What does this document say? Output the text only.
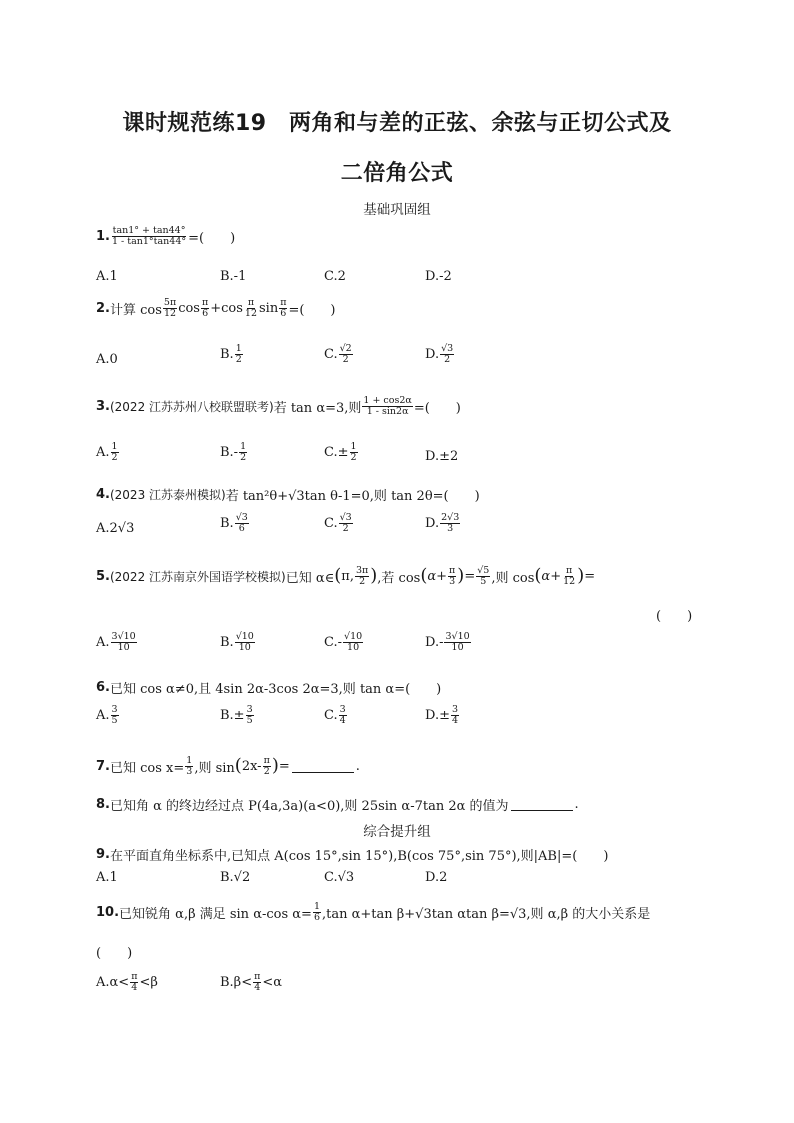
课时规范练19　两角和与差的正弦、余弦与正切公式及
二倍角公式
基础巩固组
1. $\frac{\tan 1^\circ + \tan 44^\circ}{1 - \tan 1^\circ\tan 44^\circ}$ =(　　)
A.1	B.-1	C.2	D.-2
2. 计算 $\cos \frac{5\pi}{12}$ $\cos \frac{\pi}{6} +\cos \frac{\pi}{12}$ $\sin \frac{\pi}{6}$ =(　　)
A.0	B. $\frac{1}{2}$	C. $\frac{√2}{2}$	D. $\frac{√3}{2}$
3. (2022 江苏苏州八校联盟联考) 若 tan α=3,则 $\frac{1 + \cos 2\alpha}{1 - \sin 2\alpha}$ =(　　)
A. $\frac{1}{2}$	$B.- \frac{1}{2}$	$C.\pm \frac{1}{2}$	D.±2
4. (2023 江苏泰州模拟) 若 tan²θ+√3tan θ-1=0,则 tan 2θ=(　　)
A.2√3	B. $\frac{√3}{6}$	C. $\frac{√3}{2}$	D. $\frac{2√3}{3}$
5. (2022 江苏南京外国语学校模拟) 已知 α∈ ( π, $\frac{3\pi}{2}$ ) ,若 cos ( $\alpha+ \frac{\pi}{3}$ ) = $\frac{√5}{5}$ ,则 cos ( $\alpha+ \frac{\pi}{12}$ ) =
(　　)
A. $\frac{3√10}{10}$	B. $\frac{√10}{10}$	$C.- \frac{√10}{10}$	$D.- \frac{3√10}{10}$
6. 已知 cos α≠0,且 4sin 2α-3cos 2α=3,则 tan α=(　　)
A. $\frac{3}{5}$	$B.\pm \frac{3}{5}$	C. $\frac{3}{4}$	$D.\pm \frac{3}{4}$
7. 已知 $\cos x= \frac{1}{3}$ ,则 sin ( $2x- \frac{\pi}{2}$ ) =	.
8. 已知角 α 的终边经过点 P(4a,3a)(a<0),则 25sin α-7tan 2α 的值为	.
综合提升组
9. 在平面直角坐标系中,已知点 A(cos 15°,sin 15°),B(cos 75°,sin 75°),则|AB|=(　　)
A.1	B.√2	C.√3	D.2
10. 已知锐角 α,β 满足 sin α-cos $\alpha= \frac{1}{6} ,\tan$ α+tan β+√3tan αtan β=√3,则 α,β 的大小关系是
(　　)
$A.\alpha< \frac{\pi}{4} <\beta$	$B.\beta< \frac{\pi}{4} <\alpha$
